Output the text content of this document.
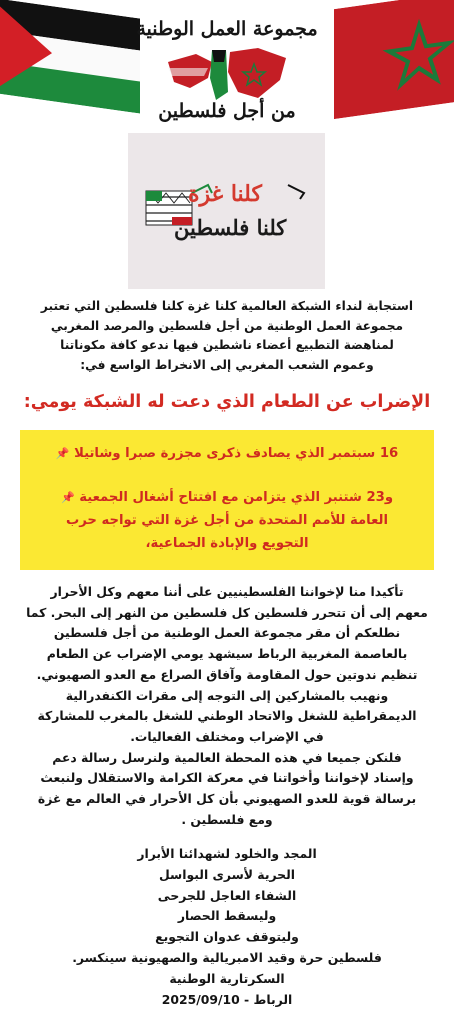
مجموعة العمل الوطنية
من أجل فلسطين
كلنا غزة
كلنا فلسطين
استجابة لنداء الشبكة العالمية كلنا غزة كلنا فلسطين التي تعتبر
مجموعة العمل الوطنية من أجل فلسطين والمرصد المغربي
لمناهضة التطبيع أعضاء ناشطين فيها ندعو كافة مكوناتنا
وعموم الشعب المغربي إلى الانخراط الواسع في:
الإضراب عن الطعام الذي دعت له الشبكة يومي:
16 سبتمبر الذي يصادف ذكرى مجزرة صبرا وشاتيلا 📌
و23 شتنبر الذي يتزامن مع افتتاح أشغال الجمعية 📌
العامة للأمم المتحدة من أجل غزة التي تواجه حرب
التجويع والإبادة الجماعية،
تأكيدا منا لإخواننا الفلسطينيين على أننا معهم وكل الأحرار
معهم إلى أن تتحرر فلسطين كل فلسطين من النهر إلى البحر. كما
نطلعكم أن مقر مجموعة العمل الوطنية من أجل فلسطين
بالعاصمة المغربية الرباط سيشهد يومي الإضراب عن الطعام
تنظيم ندوتين حول المقاومة وآفاق الصراع مع العدو الصهيوني.
ونهيب بالمشاركين إلى التوجه إلى مقرات الكنفدرالية
الديمقراطية للشغل والاتحاد الوطني للشغل بالمغرب للمشاركة
في الإضراب ومختلف الفعاليات.
فلنكن جميعا في هذه المحطة العالمية ولنرسل رسالة دعم
وإسناد لإخواننا وأخواتنا في معركة الكرامة والاستقلال ولنبعث
برسالة قوية للعدو الصهيوني بأن كل الأحرار في العالم مع غزة
ومع فلسطين .
المجد والخلود لشهدائنا الأبرار
الحرية لأسرى البواسل
الشفاء العاجل للجرحى
وليسقط الحصار
وليتوقف عدوان التجويع
فلسطين حرة وقيد الامبريالية والصهيونية سينكسر.
السكرتارية الوطنية
الرباط - 2025/09/10
